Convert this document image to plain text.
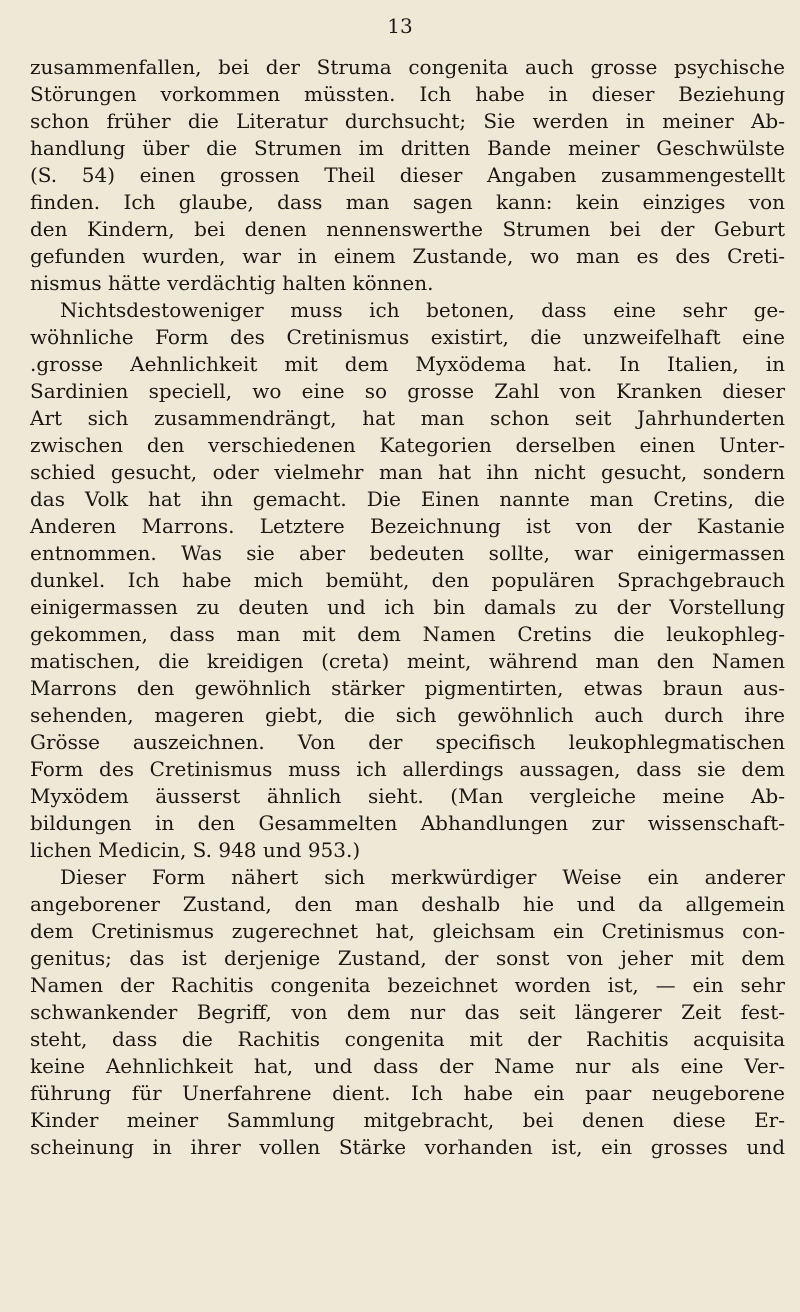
13
zusammenfallen, bei der Struma congenita auch grosse psychische
Störungen vorkommen müssten. Ich habe in dieser Beziehung
schon früher die Literatur durchsucht; Sie werden in meiner Ab-
handlung über die Strumen im dritten Bande meiner Geschwülste
(S. 54) einen grossen Theil dieser Angaben zusammengestellt
finden. Ich glaube, dass man sagen kann: kein einziges von
den Kindern, bei denen nennenswerthe Strumen bei der Geburt
gefunden wurden, war in einem Zustande, wo man es des Creti-
nismus hätte verdächtig halten können.
Nichtsdestoweniger muss ich betonen, dass eine sehr ge-
wöhnliche Form des Cretinismus existirt, die unzweifelhaft eine
.grosse Aehnlichkeit mit dem Myxödema hat. In Italien, in
Sardinien speciell, wo eine so grosse Zahl von Kranken dieser
Art sich zusammendrängt, hat man schon seit Jahrhunderten
zwischen den verschiedenen Kategorien derselben einen Unter-
schied gesucht, oder vielmehr man hat ihn nicht gesucht, sondern
das Volk hat ihn gemacht. Die Einen nannte man Cretins, die
Anderen Marrons. Letztere Bezeichnung ist von der Kastanie
entnommen. Was sie aber bedeuten sollte, war einigermassen
dunkel. Ich habe mich bemüht, den populären Sprachgebrauch
einigermassen zu deuten und ich bin damals zu der Vorstellung
gekommen, dass man mit dem Namen Cretins die leukophleg-
matischen, die kreidigen (creta) meint, während man den Namen
Marrons den gewöhnlich stärker pigmentirten, etwas braun aus-
sehenden, mageren giebt, die sich gewöhnlich auch durch ihre
Grösse auszeichnen. Von der specifisch leukophlegmatischen
Form des Cretinismus muss ich allerdings aussagen, dass sie dem
Myxödem äusserst ähnlich sieht. (Man vergleiche meine Ab-
bildungen in den Gesammelten Abhandlungen zur wissenschaft-
lichen Medicin, S. 948 und 953.)
Dieser Form nähert sich merkwürdiger Weise ein anderer
angeborener Zustand, den man deshalb hie und da allgemein
dem Cretinismus zugerechnet hat, gleichsam ein Cretinismus con-
genitus; das ist derjenige Zustand, der sonst von jeher mit dem
Namen der Rachitis congenita bezeichnet worden ist, — ein sehr
schwankender Begriff, von dem nur das seit längerer Zeit fest-
steht, dass die Rachitis congenita mit der Rachitis acquisita
keine Aehnlichkeit hat, und dass der Name nur als eine Ver-
führung für Unerfahrene dient. Ich habe ein paar neugeborene
Kinder meiner Sammlung mitgebracht, bei denen diese Er-
scheinung in ihrer vollen Stärke vorhanden ist, ein grosses und
